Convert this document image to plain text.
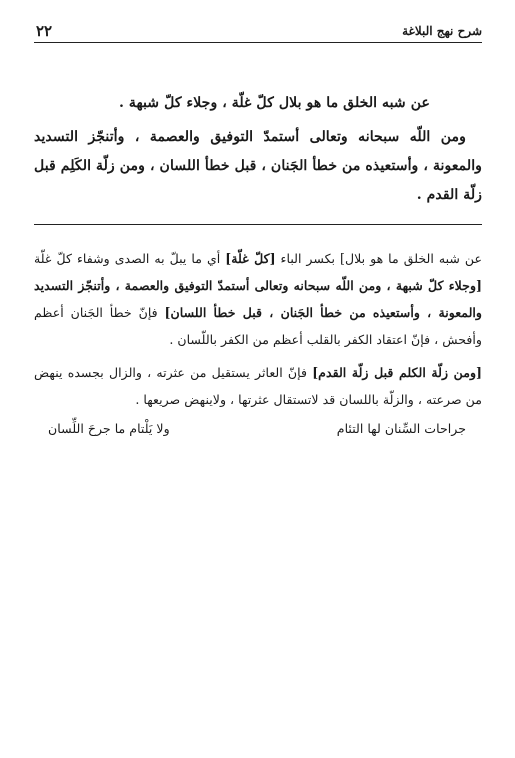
شرح نهج البلاغة
٢٢

عن شبه الخلق ما هو بلال كلّ غلّة ، وجلاء كلّ شبهة .

ومن اللّه سبحانه وتعالى أستمدّ التوفيق والعصمة ، وأتنجّز التسديد والمعونة ، وأستعيذه من خطأ الجَنان ، قبل خطأ اللسان ، ومن زلّة الكَلِم قبل زلّة القدم .

عن شبه الخلق ما هو بلال] بكسر الباء [كلّ غلّة] أي ما يبلّ به الصدى وشفاء كلّ غلّة [وجلاء كلّ شبهة ، ومن اللّه سبحانه وتعالى أستمدّ التوفيق والعصمة ، وأتنجّز التسديد والمعونة ، وأستعيذه من خطأ الجَنان ، قبل خطأ اللسان] فإنّ خطأ الجَنان أعظم وأفحش ، فإنّ اعتقاد الكفر بالقلب أعظم من الكفر باللّسان .

[ومن زلّة الكلم قبل زلّة القدم] فإنّ العاثر يستقيل من عثرته ، والزال بجسده ينهض من صرعته ، والزلّة باللسان قد لاتستقال عثرتها ، ولاينهض صريعها .

جراحات السِّنان لها التئام
ولا يَلْتام ما جرحَ اللِّسان
